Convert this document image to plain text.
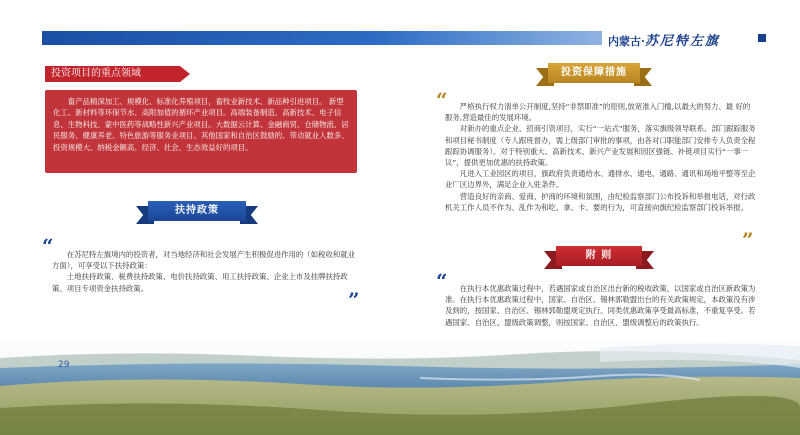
内蒙古·苏尼特左旗
投资项目的重点领域

畜产品精深加工、规模化、标准化养殖项目，畜牧业新技术、新品种引进项目。 新型化工、新材料等环保节水、高附加值的循环产业项目。高端装备制造、高新技术、电子信息、生物科技、蒙中医药等战略性新兴产业项目。大数据云计算、金融商贸、仓储物流、居民服务、健康养老、特色旅游等服务业项目。其他国家和自治区鼓励的、带动就业人数多、投资规模大、纳税金额高、经济、社会、生态效益好的项目。

扶持政策
“	在苏尼特左旗境内的投资者，对当地经济和社会发展产生积极促进作用的（如税收和就业方面），可享受以下扶持政策：

土地扶持政策、税费扶持政策、电价扶持政策、用工扶持政策、企业上市及挂牌扶持政策、项目专项资金扶持政策。	”
投资保障措施
“	严格执行权力清单公开制度,坚持“非禁即准”的原则,放宽准入门槛,以最大的努力、最 好的服务,营造最佳的发展环境。

对新办的重点企业、招商引资项目，实行“一站式”服务，落实旗级领导联系、部门跟踪服务和项目秘书制度（专人跟班督办，需上级部门审批的事项，由各对口职能部门安排专人负责全程跟踪协调服务）。对于特别重大、高新技术、新兴产业发展和园区强链、补链项目实行“一事一议”，提供更加优惠的扶持政策。

凡进入工业园区的项目，旗政府负责通给水、通排水、通电、通路、通讯和场地平整等至企业厂区边界外，满足企业入驻条件。

营造良好的亲商、爱商、护商的环境和氛围，由纪检监察部门公布投诉和举报电话，对行政机关工作人员不作为、乱作为和吃、拿、卡、要的行为，可直接向旗纪检监察部门投诉举报。

”
附 则
“	在执行本优惠政策过程中，若遇国家或自治区出台新的税收政策，以国家或自治区新政策为准。在执行本优惠政策过程中，国家、自治区、锡林郭勒盟出台的有关政策规定，本政策没有涉及到的，按国家、自治区、锡林郭勒盟规定执行。同类优惠政策享受最高标准，不重复享受。若遇国家、自治区、盟级政策调整，则按国家、自治区、盟级调整后的政策执行。

29
